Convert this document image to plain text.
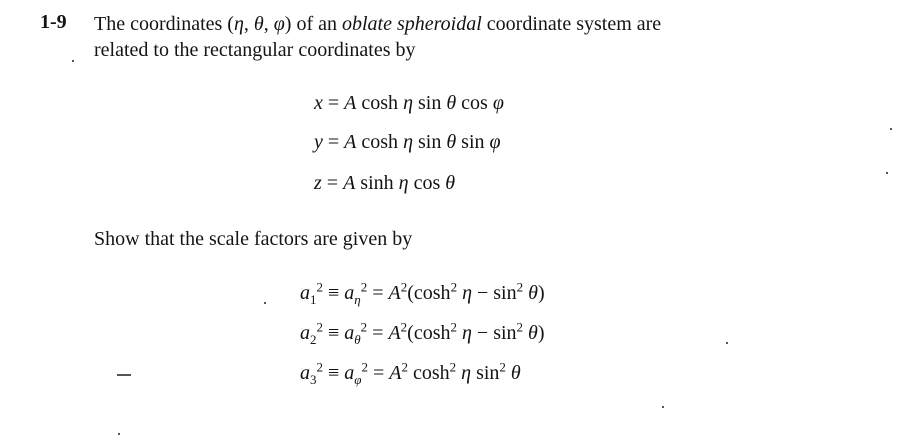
1-9 The coordinates (η, θ, φ) of an oblate spheroidal coordinate system are
related to the rectangular coordinates by
x = A cosh η sin θ cos φ
y = A cosh η sin θ sin φ
z = A sinh η cos θ
Show that the scale factors are given by
$a_1^2 \equiv a_\eta^2 = A^2(\cosh^2$ $\eta - \sin^2 \theta$)
$a_2^2 \equiv a_\theta^2 = A^2(\cosh^2$ $\eta - \sin^2 \theta$)
$a_3^2 \equiv a_\varphi^2 = A^2$ $\cosh^2 \eta$ $\sin^2 \theta$
